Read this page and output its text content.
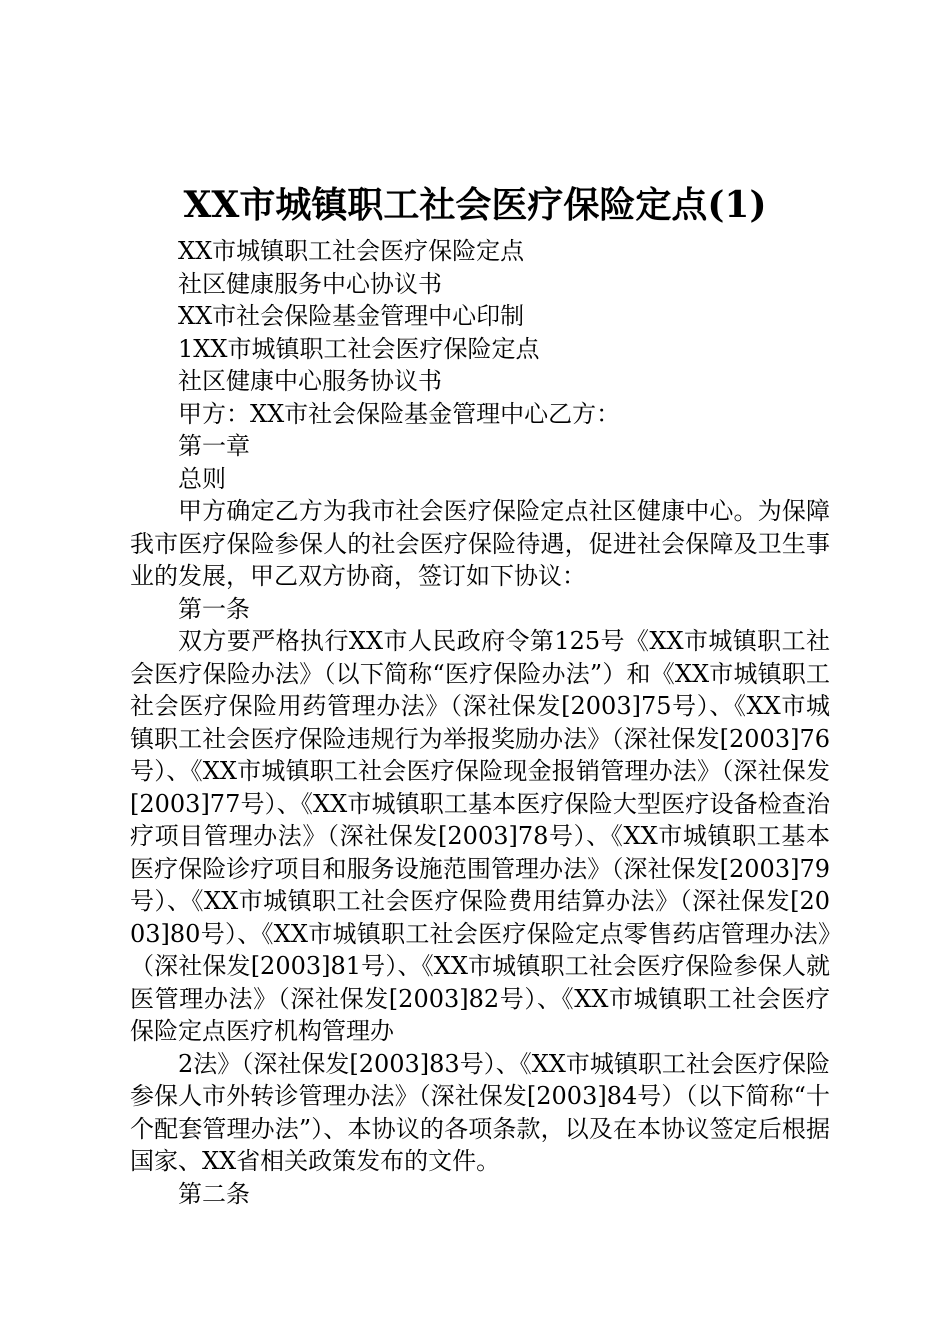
XX市城镇职工社会医疗保险定点(1)

XX市城镇职工社会医疗保险定点

社区健康服务中心协议书

XX市社会保险基金管理中心印制

1XX市城镇职工社会医疗保险定点

社区健康中心服务协议书

甲方：XX市社会保险基金管理中心乙方：

第一章

总则

甲方确定乙方为我市社会医疗保险定点社区健康中心。为保障我市医疗保险参保人的社会医疗保险待遇，促进社会保障及卫生事业的发展，甲乙双方协商，签订如下协议：

第一条

双方要严格执行XX市人民政府令第125号《XX市城镇职工社会医疗保险办法》（以下简称“医疗保险办法”）和《XX市城镇职工社会医疗保险用药管理办法》（深社保发[2003]75号）、《XX市城镇职工社会医疗保险违规行为举报奖励办法》（深社保发[2003]76号）、《XX市城镇职工社会医疗保险现金报销管理办法》（深社保发[2003]77号）、《XX市城镇职工基本医疗保险大型医疗设备检查治疗项目管理办法》（深社保发[2003]78号）、《XX市城镇职工基本医疗保险诊疗项目和服务设施范围管理办法》（深社保发[2003]79号）、《XX市城镇职工社会医疗保险费用结算办法》（深社保发[2003]80号）、《XX市城镇职工社会医疗保险定点零售药店管理办法》（深社保发[2003]81号）、《XX市城镇职工社会医疗保险参保人就医管理办法》（深社保发[2003]82号）、《XX市城镇职工社会医疗保险定点医疗机构管理办

2法》（深社保发[2003]83号）、《XX市城镇职工社会医疗保险参保人市外转诊管理办法》（深社保发[2003]84号）（以下简称“十个配套管理办法”）、本协议的各项条款，以及在本协议签定后根据国家、XX省相关政策发布的文件。

第二条
